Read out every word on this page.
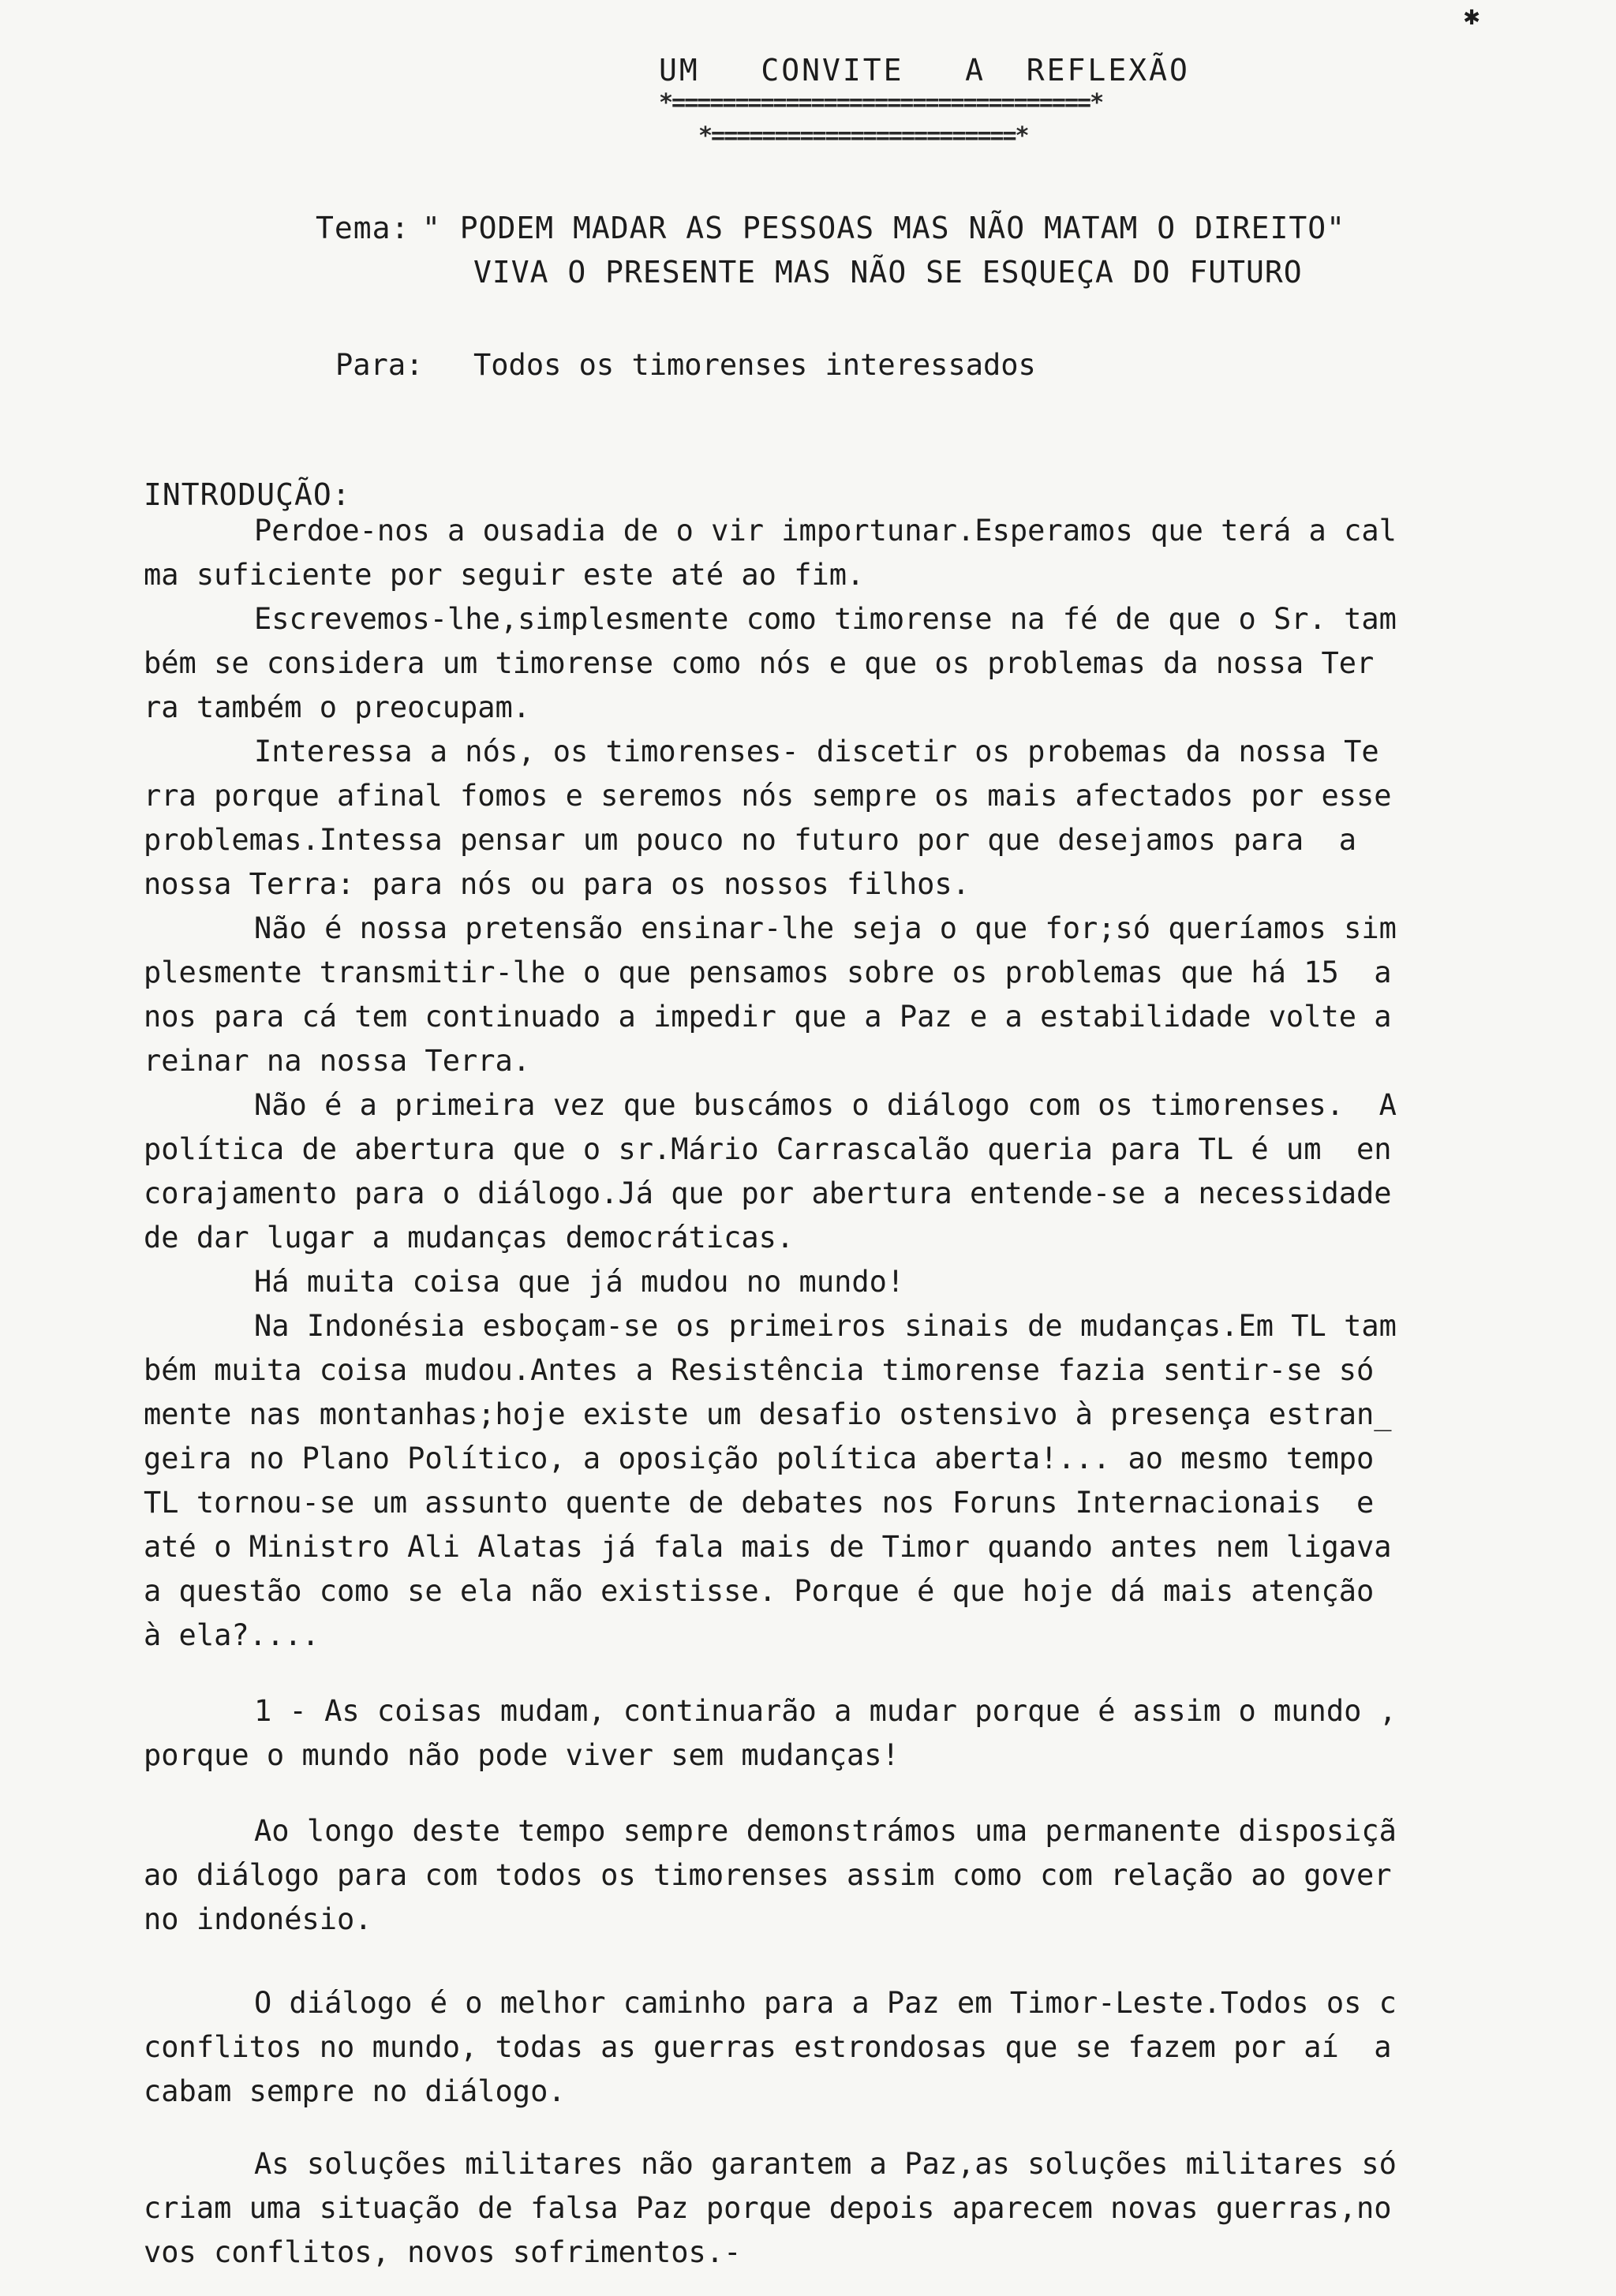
✱
UM   CONVITE   A  REFLEXÃO
*=================================*
*========================*
Tema: " PODEM MADAR AS PESSOAS MAS NÃO MATAM O DIREITO"
VIVA O PRESENTE MAS NÃO SE ESQUEÇA DO FUTURO
Para: Todos os timorenses interessados
INTRODUÇÃO:
Perdoe-nos a ousadia de o vir importunar.Esperamos que terá a cal
ma suficiente por seguir este até ao fim.
Escrevemos-lhe,simplesmente como timorense na fé de que o Sr. tam
bém se considera um timorense como nós e que os problemas da nossa Ter
ra também o preocupam.
Interessa a nós, os timorenses- discetir os probemas da nossa Te
rra porque afinal fomos e seremos nós sempre os mais afectados por esse
problemas.Intessa pensar um pouco no futuro por que desejamos para  a
nossa Terra: para nós ou para os nossos filhos.
Não é nossa pretensão ensinar-lhe seja o que for;só queríamos sim
plesmente transmitir-lhe o que pensamos sobre os problemas que há 15  a
nos para cá tem continuado a impedir que a Paz e a estabilidade volte a
reinar na nossa Terra.
Não é a primeira vez que buscámos o diálogo com os timorenses.  A
política de abertura que o sr.Mário Carrascalão queria para TL é um  en
corajamento para o diálogo.Já que por abertura entende-se a necessidade
de dar lugar a mudanças democráticas.
Há muita coisa que já mudou no mundo!
Na Indonésia esboçam-se os primeiros sinais de mudanças.Em TL tam
bém muita coisa mudou.Antes a Resistência timorense fazia sentir-se só
mente nas montanhas;hoje existe um desafio ostensivo à presença estran_
geira no Plano Político, a oposição política aberta!... ao mesmo tempo
TL tornou-se um assunto quente de debates nos Foruns Internacionais  e
até o Ministro Ali Alatas já fala mais de Timor quando antes nem ligava
a questão como se ela não existisse. Porque é que hoje dá mais atenção
à ela?....
1 - As coisas mudam, continuarão a mudar porque é assim o mundo ,
porque o mundo não pode viver sem mudanças!
Ao longo deste tempo sempre demonstrámos uma permanente disposiçã
ao diálogo para com todos os timorenses assim como com relação ao gover
no indonésio.
O diálogo é o melhor caminho para a Paz em Timor-Leste.Todos os c
conflitos no mundo, todas as guerras estrondosas que se fazem por aí  a
cabam sempre no diálogo.
As soluções militares não garantem a Paz,as soluções militares só
criam uma situação de falsa Paz porque depois aparecem novas guerras,no
vos conflitos, novos sofrimentos.-
